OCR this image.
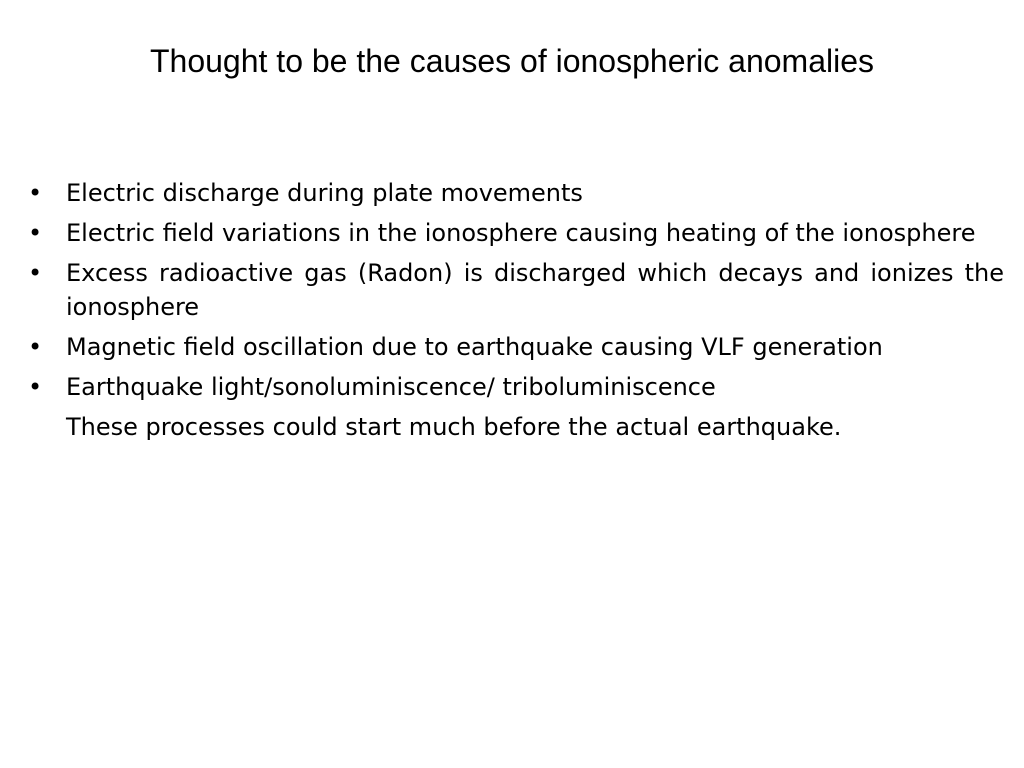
Thought to be the causes of ionospheric anomalies
• Electric discharge during plate movements
• Electric field variations in the ionosphere causing heating of the ionosphere
• Excess radioactive gas (Radon) is discharged which decays and ionizes the ionosphere
• Magnetic field oscillation due to earthquake causing VLF generation
• Earthquake light/sonoluminiscence/ triboluminiscence
These processes could start much before the actual earthquake.
